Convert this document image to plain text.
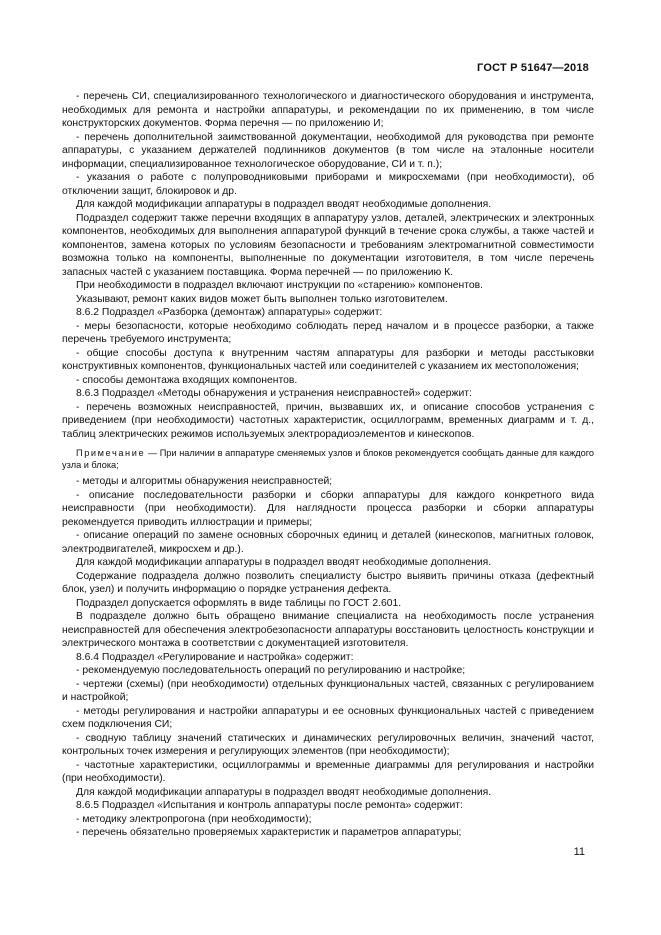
ГОСТ Р 51647—2018

- перечень СИ, специализированного технологического и диагностического оборудования и инструмента, необходимых для ремонта и настройки аппаратуры, и рекомендации по их применению, в том числе конструкторских документов. Форма перечня — по приложению И;

- перечень дополнительной заимствованной документации, необходимой для руководства при ремонте аппаратуры, с указанием держателей подлинников документов (в том числе на эталонные носители информации, специализированное технологическое оборудование, СИ и т. п.);

- указания о работе с полупроводниковыми приборами и микросхемами (при необходимости), об отключении защит, блокировок и др.

Для каждой модификации аппаратуры в подраздел вводят необходимые дополнения.

Подраздел содержит также перечни входящих в аппаратуру узлов, деталей, электрических и электронных компонентов, необходимых для выполнения аппаратурой функций в течение срока службы, а также частей и компонентов, замена которых по условиям безопасности и требованиям электромагнитной совместимости возможна только на компоненты, выполненные по документации изготовителя, в том числе перечень запасных частей с указанием поставщика. Форма перечней — по приложению К.

При необходимости в подраздел включают инструкции по «старению» компонентов.

Указывают, ремонт каких видов может быть выполнен только изготовителем.

8.6.2 Подраздел «Разборка (демонтаж) аппаратуры» содержит:

- меры безопасности, которые необходимо соблюдать перед началом и в процессе разборки, а также перечень требуемого инструмента;

- общие способы доступа к внутренним частям аппаратуры для разборки и методы расстыковки конструктивных компонентов, функциональных частей или соединителей с указанием их местоположения;

- способы демонтажа входящих компонентов.

8.6.3 Подраздел «Методы обнаружения и устранения неисправностей» содержит:

- перечень возможных неисправностей, причин, вызвавших их, и описание способов устранения с приведением (при необходимости) частотных характеристик, осциллограмм, временных диаграмм и т. д., таблиц электрических режимов используемых электрорадиоэлементов и кинескопов.

Примечание — При наличии в аппаратуре сменяемых узлов и блоков рекомендуется сообщать данные для каждого узла и блока;

- методы и алгоритмы обнаружения неисправностей;

- описание последовательности разборки и сборки аппаратуры для каждого конкретного вида неисправности (при необходимости). Для наглядности процесса разборки и сборки аппаратуры рекомендуется приводить иллюстрации и примеры;

- описание операций по замене основных сборочных единиц и деталей (кинескопов, магнитных головок, электродвигателей, микросхем и др.).

Для каждой модификации аппаратуры в подраздел вводят необходимые дополнения.

Содержание подраздела должно позволить специалисту быстро выявить причины отказа (дефектный блок, узел) и получить информацию о порядке устранения дефекта.

Подраздел допускается оформлять в виде таблицы по ГОСТ 2.601.

В подразделе должно быть обращено внимание специалиста на необходимость после устранения неисправностей для обеспечения электробезопасности аппаратуры восстановить целостность конструкции и электрического монтажа в соответствии с документацией изготовителя.

8.6.4 Подраздел «Регулирование и настройка» содержит:

- рекомендуемую последовательность операций по регулированию и настройке;

- чертежи (схемы) (при необходимости) отдельных функциональных частей, связанных с регулированием и настройкой;

- методы регулирования и настройки аппаратуры и ее основных функциональных частей с приведением схем подключения СИ;

- сводную таблицу значений статических и динамических регулировочных величин, значений частот, контрольных точек измерения и регулирующих элементов (при необходимости);

- частотные характеристики, осциллограммы и временные диаграммы для регулирования и настройки (при необходимости).

Для каждой модификации аппаратуры в подраздел вводят необходимые дополнения.

8.6.5 Подраздел «Испытания и контроль аппаратуры после ремонта» содержит:

- методику электропрогона (при необходимости);

- перечень обязательно проверяемых характеристик и параметров аппаратуры;

11
